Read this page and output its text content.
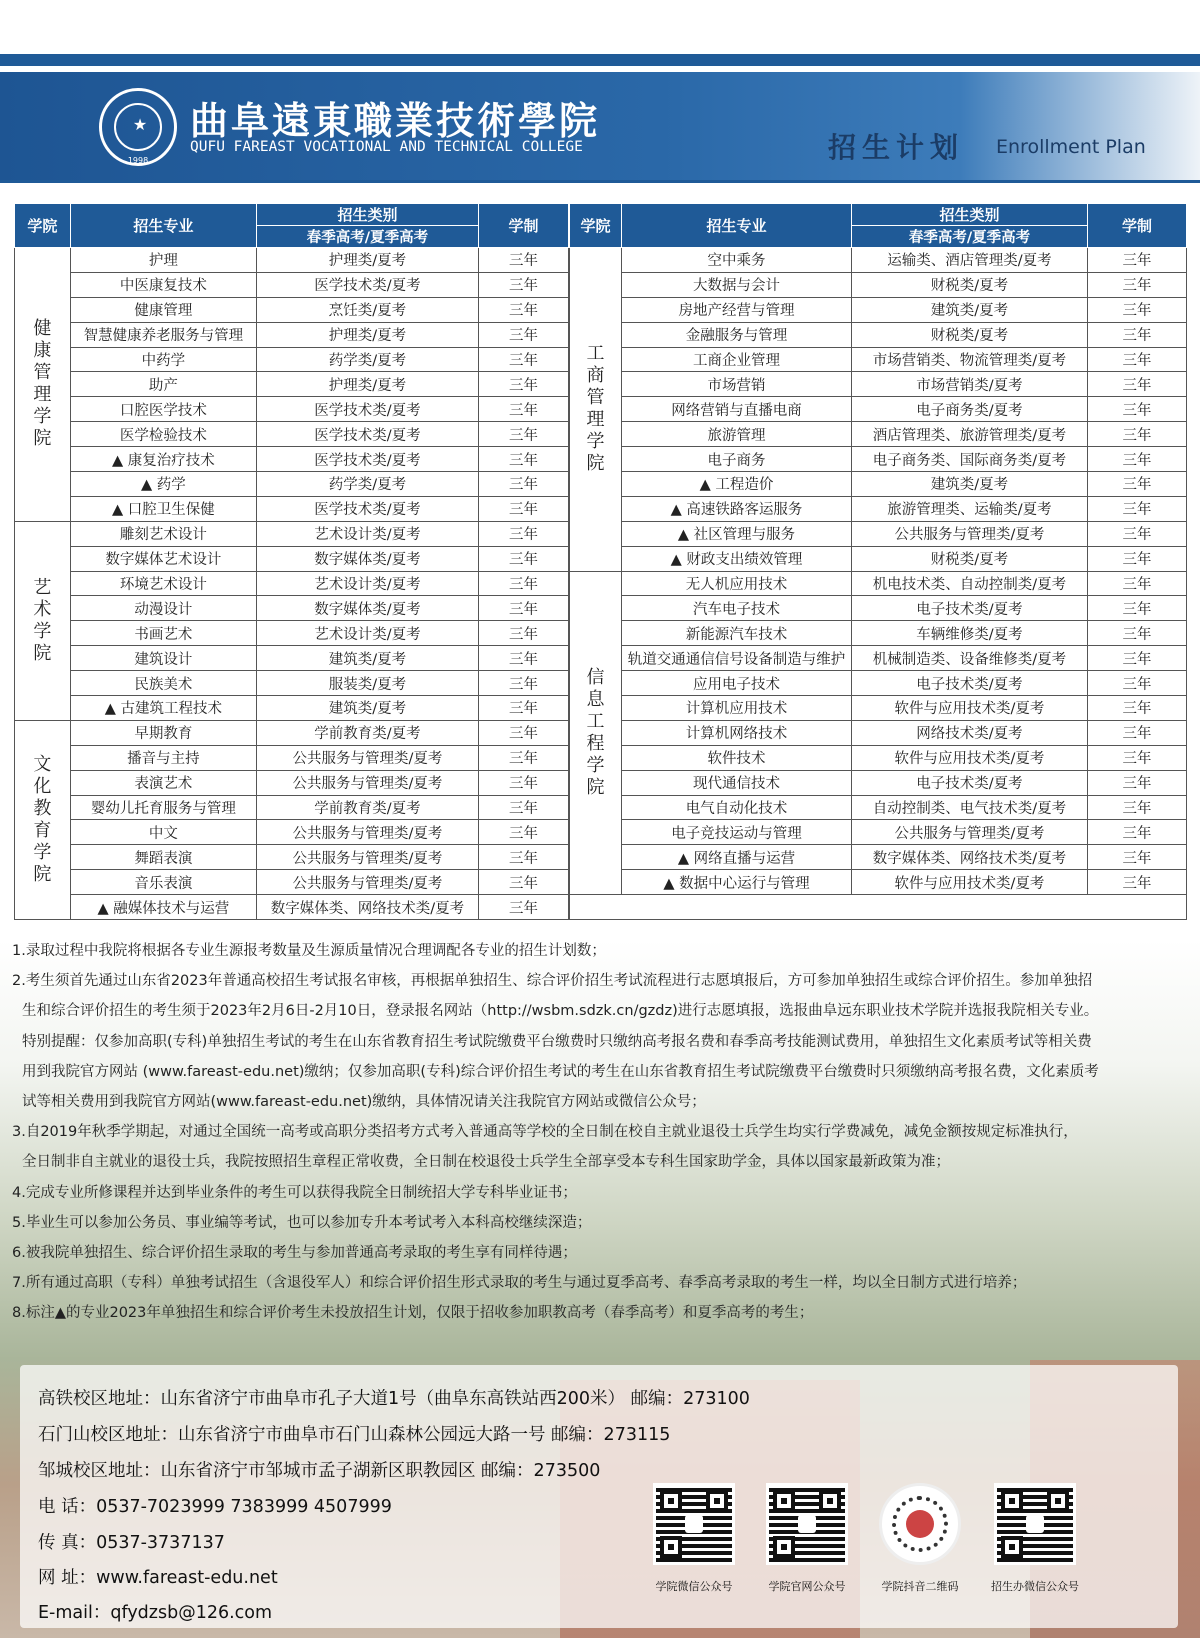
★
1998
曲阜遠東職業技術學院
QUFU FAREAST VOCATIONAL AND TECHNICAL COLLEGE	招生计划 Enrollment Plan
学院	招生专业	招生类别	学制
		春季高考/夏季高考	
健康管理学院	护理	护理类/夏考	三年
	中医康复技术	医学技术类/夏考	三年
	健康管理	烹饪类/夏考	三年
	智慧健康养老服务与管理	护理类/夏考	三年
	中药学	药学类/夏考	三年
	助产	护理类/夏考	三年
	口腔医学技术	医学技术类/夏考	三年
	医学检验技术	医学技术类/夏考	三年
	▲ 康复治疗技术	医学技术类/夏考	三年
	▲ 药学	药学类/夏考	三年
	▲ 口腔卫生保健	医学技术类/夏考	三年
艺术学院	雕刻艺术设计	艺术设计类/夏考	三年
	数字媒体艺术设计	数字媒体类/夏考	三年
	环境艺术设计	艺术设计类/夏考	三年
	动漫设计	数字媒体类/夏考	三年
	书画艺术	艺术设计类/夏考	三年
	建筑设计	建筑类/夏考	三年
	民族美术	服装类/夏考	三年
	▲ 古建筑工程技术	建筑类/夏考	三年
文化教育学院	早期教育	学前教育类/夏考	三年
	播音与主持	公共服务与管理类/夏考	三年
	表演艺术	公共服务与管理类/夏考	三年
	婴幼儿托育服务与管理	学前教育类/夏考	三年
	中文	公共服务与管理类/夏考	三年
	舞蹈表演	公共服务与管理类/夏考	三年
	音乐表演	公共服务与管理类/夏考	三年
	▲ 融媒体技术与运营	数字媒体类、网络技术类/夏考	三年
学院	招生专业	招生类别	学制
		春季高考/夏季高考	
工商管理学院	空中乘务	运输类、酒店管理类/夏考	三年
	大数据与会计	财税类/夏考	三年
	房地产经营与管理	建筑类/夏考	三年
	金融服务与管理	财税类/夏考	三年
	工商企业管理	市场营销类、物流管理类/夏考	三年
	市场营销	市场营销类/夏考	三年
	网络营销与直播电商	电子商务类/夏考	三年
	旅游管理	酒店管理类、旅游管理类/夏考	三年
	电子商务	电子商务类、国际商务类/夏考	三年
	▲ 工程造价	建筑类/夏考	三年
	▲ 高速铁路客运服务	旅游管理类、运输类/夏考	三年
	▲ 社区管理与服务	公共服务与管理类/夏考	三年
	▲ 财政支出绩效管理	财税类/夏考	三年
信息工程学院	无人机应用技术	机电技术类、自动控制类/夏考	三年
	汽车电子技术	电子技术类/夏考	三年
	新能源汽车技术	车辆维修类/夏考	三年
	轨道交通通信信号设备制造与维护	机械制造类、设备维修类/夏考	三年
	应用电子技术	电子技术类/夏考	三年
	计算机应用技术	软件与应用技术类/夏考	三年
	计算机网络技术	网络技术类/夏考	三年
	软件技术	软件与应用技术类/夏考	三年
	现代通信技术	电子技术类/夏考	三年
	电气自动化技术	自动控制类、电气技术类/夏考	三年
	电子竞技运动与管理	公共服务与管理类/夏考	三年
	▲ 网络直播与运营	数字媒体类、网络技术类/夏考	三年
	▲ 数据中心运行与管理	软件与应用技术类/夏考	三年

1.录取过程中我院将根据各专业生源报考数量及生源质量情况合理调配各专业的招生计划数；

2.考生须首先通过山东省2023年普通高校招生考试报名审核，再根据单独招生、综合评价招生考试流程进行志愿填报后，方可参加单独招生或综合评价招生。参加单独招

生和综合评价招生的考生须于2023年2月6日-2月10日，登录报名网站（http://wsbm.sdzk.cn/gzdz)进行志愿填报，选报曲阜远东职业技术学院并选报我院相关专业。

特别提醒：仅参加高职(专科)单独招生考试的考生在山东省教育招生考试院缴费平台缴费时只缴纳高考报名费和春季高考技能测试费用，单独招生文化素质考试等相关费

用到我院官方网站 (www.fareast-edu.net)缴纳；仅参加高职(专科)综合评价招生考试的考生在山东省教育招生考试院缴费平台缴费时只须缴纳高考报名费，文化素质考

试等相关费用到我院官方网站(www.fareast-edu.net)缴纳，具体情况请关注我院官方网站或微信公众号；

3.自2019年秋季学期起，对通过全国统一高考或高职分类招考方式考入普通高等学校的全日制在校自主就业退役士兵学生均实行学费减免，减免金额按规定标准执行，

全日制非自主就业的退役士兵，我院按照招生章程正常收费，全日制在校退役士兵学生全部享受本专科生国家助学金，具体以国家最新政策为准；

4.完成专业所修课程并达到毕业条件的考生可以获得我院全日制统招大学专科毕业证书；

5.毕业生可以参加公务员、事业编等考试，也可以参加专升本考试考入本科高校继续深造；

6.被我院单独招生、综合评价招生录取的考生与参加普通高考录取的考生享有同样待遇；

7.所有通过高职（专科）单独考试招生（含退役军人）和综合评价招生形式录取的考生与通过夏季高考、春季高考录取的考生一样，均以全日制方式进行培养；

8.标注▲的专业2023年单独招生和综合评价考生未投放招生计划，仅限于招收参加职教高考（春季高考）和夏季高考的考生；

高铁校区地址：山东省济宁市曲阜市孔子大道1号（曲阜东高铁站西200米） 邮编：273100
石门山校区地址：山东省济宁市曲阜市石门山森林公园远大路一号 邮编：273115
邹城校区地址：山东省济宁市邹城市孟子湖新区职教园区 邮编：273500
电 话：0537-7023999 7383999 4507999
传 真：0537-3737137
网 址：www.fareast-edu.net
E-mail：qfydzsb@126.com
学院微信公众号	学院官网公众号	学院抖音二维码	招生办微信公众号
